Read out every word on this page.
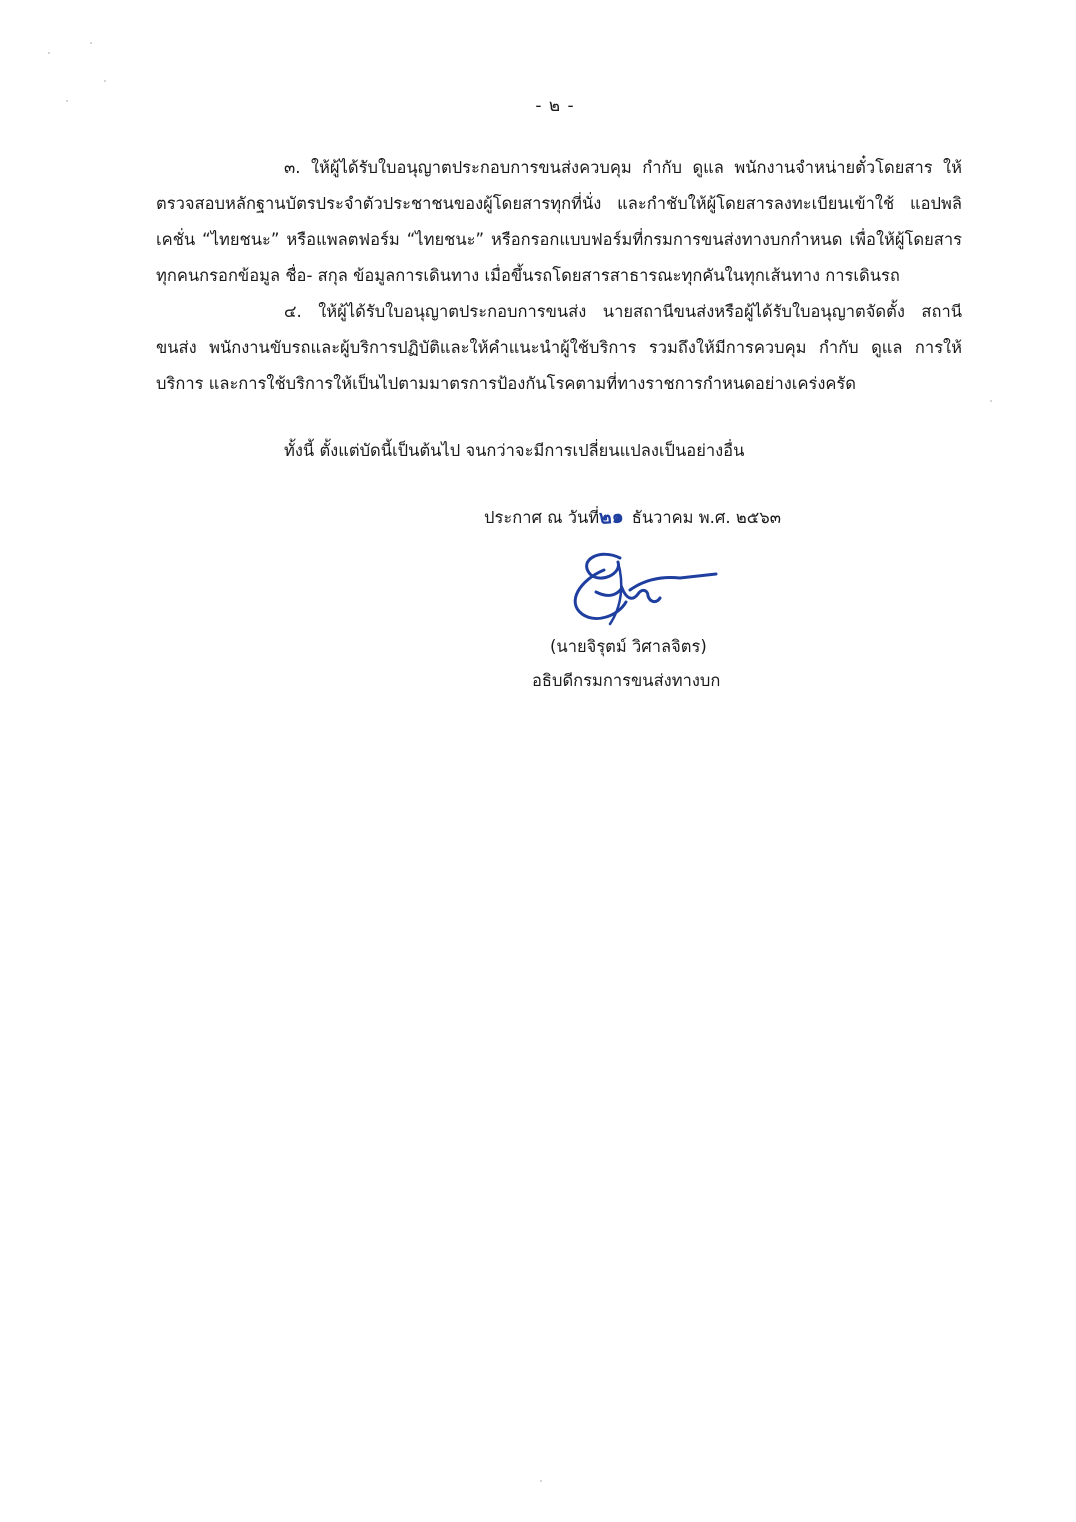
- ๒ -

๓. ให้ผู้ได้รับใบอนุญาตประกอบการขนส่งควบคุม กำกับ ดูแล พนักงานจำหน่ายตั๋วโดยสาร ให้ตรวจสอบหลักฐานบัตรประจำตัวประชาชนของผู้โดยสารทุกที่นั่ง และกำชับให้ผู้โดยสารลงทะเบียนเข้าใช้ แอปพลิเคชั่น “ไทยชนะ” หรือแพลตฟอร์ม “ไทยชนะ” หรือกรอกแบบฟอร์มที่กรมการขนส่งทางบกกำหนด เพื่อให้ผู้โดยสารทุกคนกรอกข้อมูล ชื่อ- สกุล ข้อมูลการเดินทาง เมื่อขึ้นรถโดยสารสาธารณะทุกคันในทุกเส้นทาง การเดินรถ

๔. ให้ผู้ได้รับใบอนุญาตประกอบการขนส่ง นายสถานีขนส่งหรือผู้ได้รับใบอนุญาตจัดตั้ง สถานีขนส่ง พนักงานขับรถและผู้บริการปฏิบัติและให้คำแนะนำผู้ใช้บริการ รวมถึงให้มีการควบคุม กำกับ ดูแล การให้บริการ และการใช้บริการให้เป็นไปตามมาตรการป้องกันโรคตามที่ทางราชการกำหนดอย่างเคร่งครัด

ทั้งนี้ ตั้งแต่บัดนี้เป็นต้นไป จนกว่าจะมีการเปลี่ยนแปลงเป็นอย่างอื่น
ประกาศ ณ วันที่๒๑ ธันวาคม พ.ศ. ๒๕๖๓
(นายจิรุตม์ วิศาลจิตร)
อธิบดีกรมการขนส่งทางบก
